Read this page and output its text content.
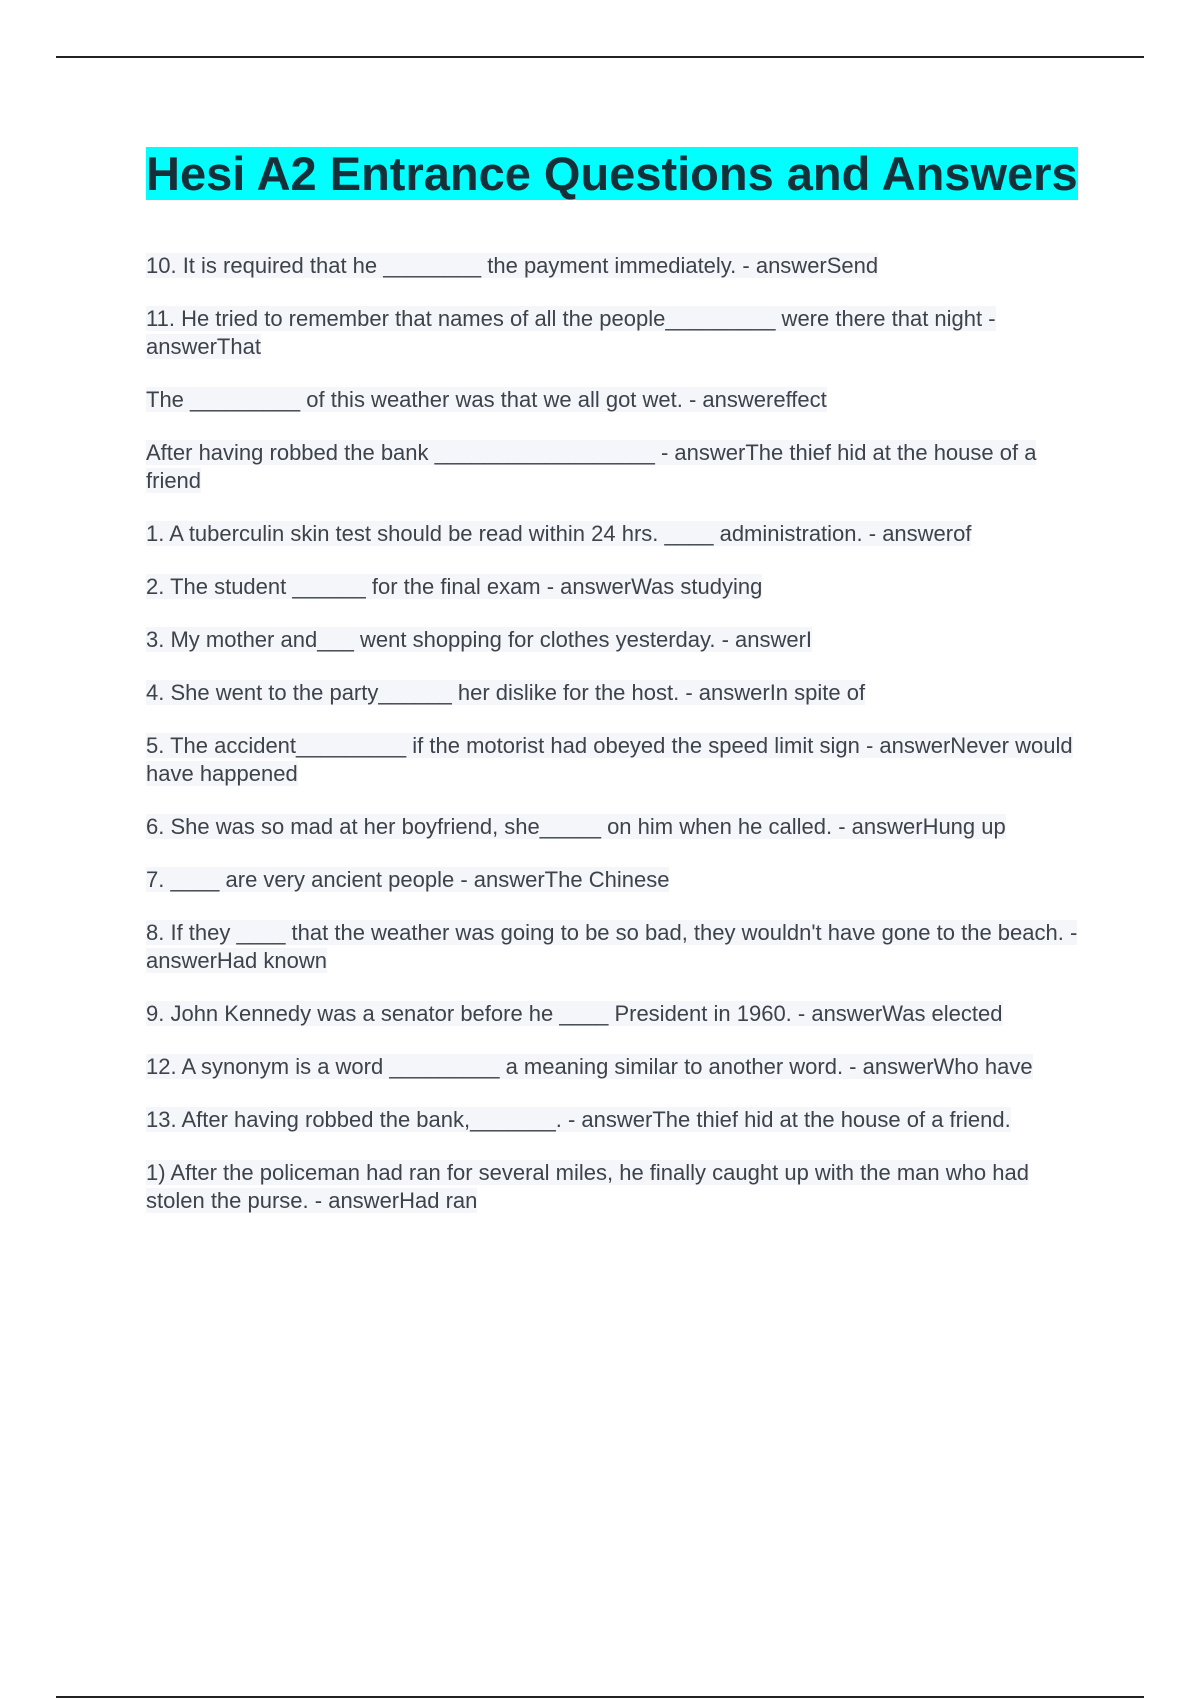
Hesi A2 Entrance Questions and Answers
10. It is required that he ________ the payment immediately. - answerSend
11. He tried to remember that names of all the people_________ were there that night - answerThat
The _________ of this weather was that we all got wet. - answereffect
After having robbed the bank __________________ - answerThe thief hid at the house of a friend
1. A tuberculin skin test should be read within 24 hrs. ____ administration. - answerof
2. The student ______ for the final exam - answerWas studying
3. My mother and___ went shopping for clothes yesterday. - answerI
4. She went to the party______ her dislike for the host. - answerIn spite of
5. The accident_________ if the motorist had obeyed the speed limit sign - answerNever would have happened
6. She was so mad at her boyfriend, she_____ on him when he called. - answerHung up
7. ____ are very ancient people - answerThe Chinese
8. If they ____ that the weather was going to be so bad, they wouldn't have gone to the beach. - answerHad known
9. John Kennedy was a senator before he ____ President in 1960. - answerWas elected
12. A synonym is a word _________ a meaning similar to another word. - answerWho have
13. After having robbed the bank,_______. - answerThe thief hid at the house of a friend.
1) After the policeman had ran for several miles, he finally caught up with the man who had stolen the purse. - answerHad ran
